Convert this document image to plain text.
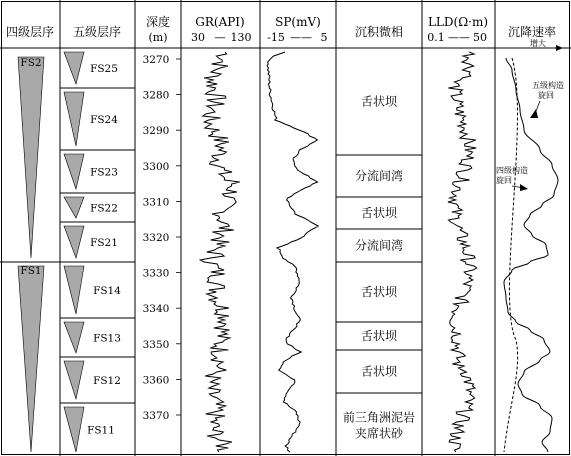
四级层序 五级层序
深度
(m)
GR(API)
30 — 130
SP(mV)
-15 —— 5 沉积微相
LLD(Ω·m)
0.1 —— 50 沉降速率
FS2
FS1
FS25
FS24
FS23
FS22
FS21
FS14
FS13
FS12
FS11
3270
3280
3290
3300
3310
3320
3330
3340
3350
3360
3370
舌状坝
分流间湾
舌状坝
分流间湾
舌状坝
舌状坝
舌状坝
前三角洲泥岩
夹席状砂
增大
五级构造
旋回
四级构造
旋回
